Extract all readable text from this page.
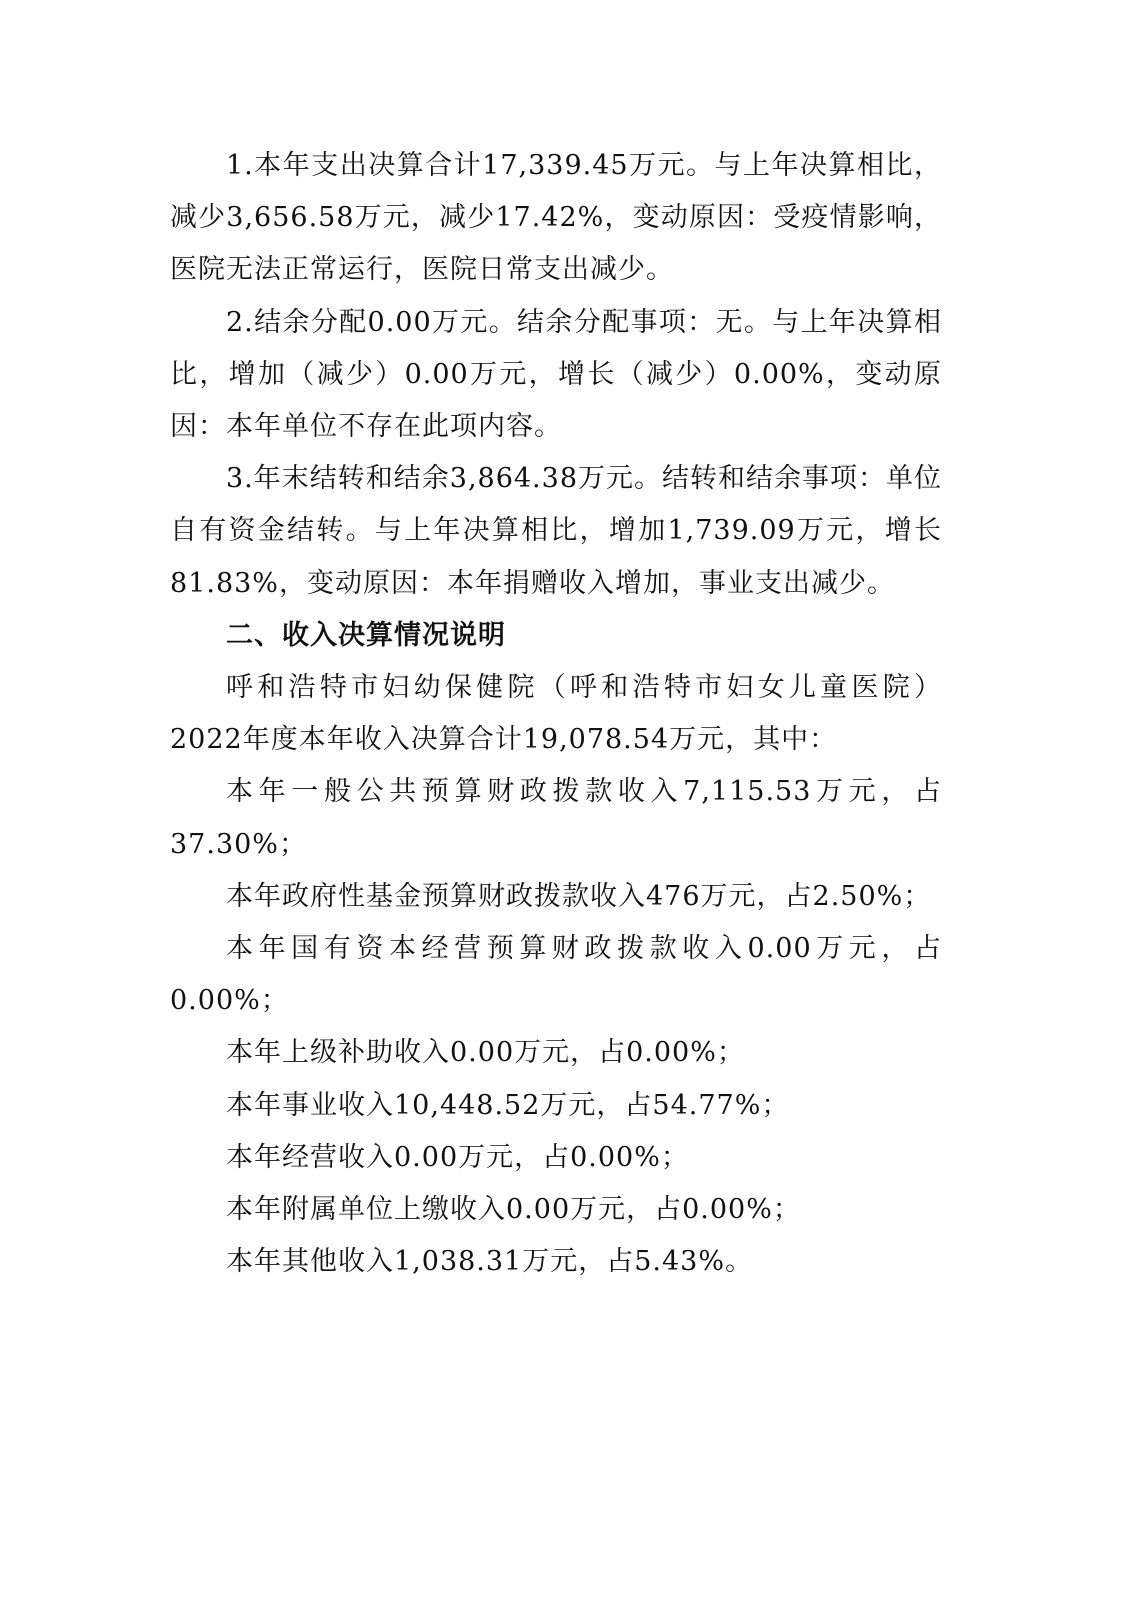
1.本年支出决算合计17,339.45万元。与上年决算相比，减少3,656.58万元，减少17.42%，变动原因：受疫情影响，医院无法正常运行，医院日常支出减少。

2.结余分配0.00万元。结余分配事项：无。与上年决算相比，增加（减少）0.00万元，增长（减少）0.00%，变动原因：本年单位不存在此项内容。

3.年末结转和结余3,864.38万元。结转和结余事项：单位自有资金结转。与上年决算相比，增加1,739.09万元，增长81.83%，变动原因：本年捐赠收入增加，事业支出减少。

二、收入决算情况说明

呼和浩特市妇幼保健院（呼和浩特市妇女儿童医院）2022年度本年收入决算合计19,078.54万元，其中：

本年一般公共预算财政拨款收入7,115.53万元，占37.30%；

本年政府性基金预算财政拨款收入476万元，占2.50%；

本年国有资本经营预算财政拨款收入0.00万元，占0.00%；

本年上级补助收入0.00万元，占0.00%；

本年事业收入10,448.52万元，占54.77%；

本年经营收入0.00万元，占0.00%；

本年附属单位上缴收入0.00万元，占0.00%；

本年其他收入1,038.31万元，占5.43%。
